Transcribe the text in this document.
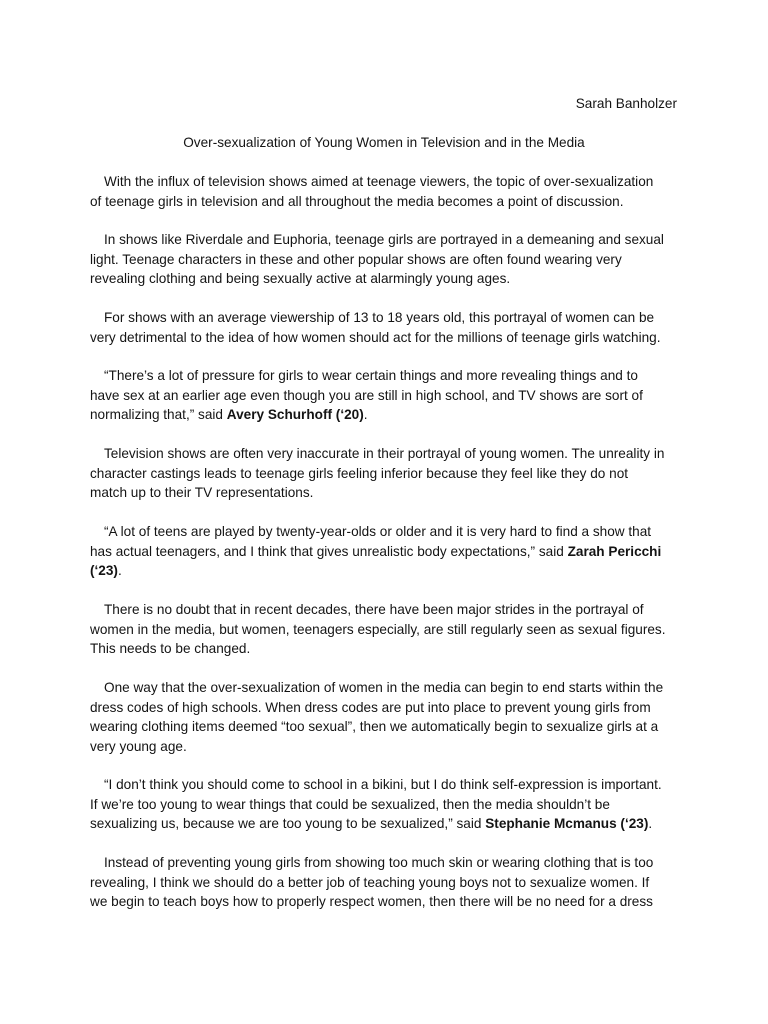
Sarah Banholzer

Over-sexualization of Young Women in Television and in the Media

With the influx of television shows aimed at teenage viewers, the topic of over-sexualization
of teenage girls in television and all throughout the media becomes a point of discussion.

In shows like Riverdale and Euphoria, teenage girls are portrayed in a demeaning and sexual
light. Teenage characters in these and other popular shows are often found wearing very
revealing clothing and being sexually active at alarmingly young ages.

For shows with an average viewership of 13 to 18 years old, this portrayal of women can be
very detrimental to the idea of how women should act for the millions of teenage girls watching.

“There’s a lot of pressure for girls to wear certain things and more revealing things and to
have sex at an earlier age even though you are still in high school, and TV shows are sort of
normalizing that,” said Avery Schurhoff (‘20).

Television shows are often very inaccurate in their portrayal of young women. The unreality in
character castings leads to teenage girls feeling inferior because they feel like they do not
match up to their TV representations.

“A lot of teens are played by twenty-year-olds or older and it is very hard to find a show that
has actual teenagers, and I think that gives unrealistic body expectations,” said Zarah Pericchi
(‘23).

There is no doubt that in recent decades, there have been major strides in the portrayal of
women in the media, but women, teenagers especially, are still regularly seen as sexual figures.
This needs to be changed.

One way that the over-sexualization of women in the media can begin to end starts within the
dress codes of high schools. When dress codes are put into place to prevent young girls from
wearing clothing items deemed “too sexual”, then we automatically begin to sexualize girls at a
very young age.

“I don’t think you should come to school in a bikini, but I do think self-expression is important.
If we’re too young to wear things that could be sexualized, then the media shouldn’t be
sexualizing us, because we are too young to be sexualized,” said Stephanie Mcmanus (‘23).

Instead of preventing young girls from showing too much skin or wearing clothing that is too
revealing, I think we should do a better job of teaching young boys not to sexualize women. If
we begin to teach boys how to properly respect women, then there will be no need for a dress
